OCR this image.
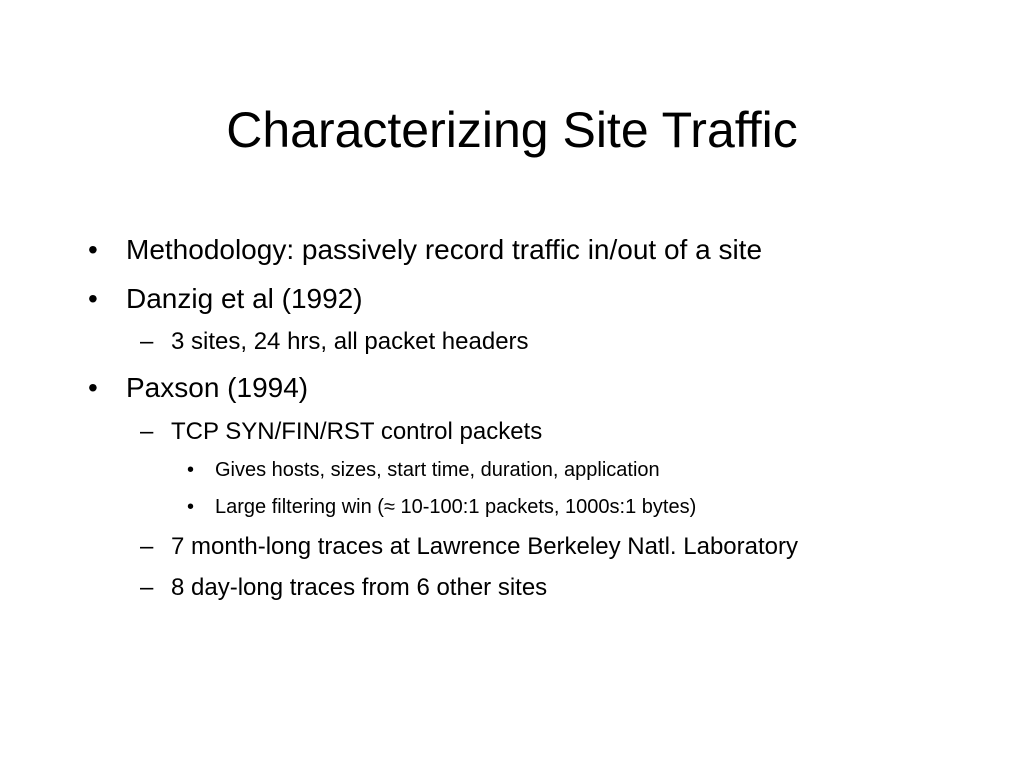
Characterizing Site Traffic
• Methodology: passively record traffic in/out of a site
• Danzig et al (1992)
– 3 sites, 24 hrs, all packet headers
• Paxson (1994)
– TCP SYN/FIN/RST control packets
• Gives hosts, sizes, start time, duration, application
• Large filtering win (≈ 10-100:1 packets, 1000s:1 bytes)
– 7 month-long traces at Lawrence Berkeley Natl. Laboratory
– 8 day-long traces from 6 other sites
